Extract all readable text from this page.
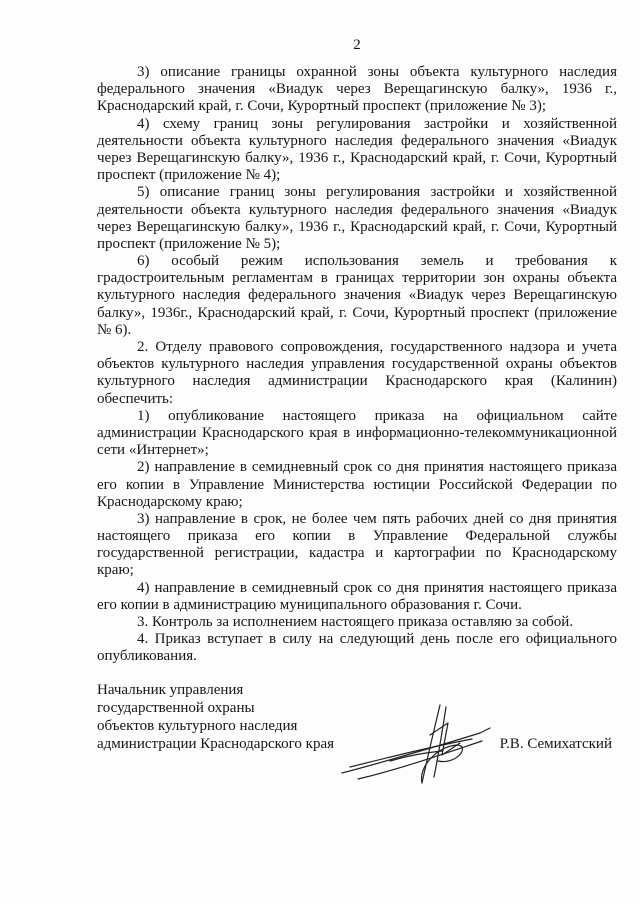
2
3) описание границы охранной зоны объекта культурного наследия
федерального значения «Виадук через Верещагинскую балку», 1936 г.,
Краснодарский край, г. Сочи, Курортный проспект (приложение № 3);
4) схему границ зоны регулирования застройки и хозяйственной
деятельности объекта культурного наследия федерального значения «Виадук
через Верещагинскую балку», 1936 г., Краснодарский край, г. Сочи, Курортный
проспект (приложение № 4);
5) описание границ зоны регулирования застройки и хозяйственной
деятельности объекта культурного наследия федерального значения «Виадук
через Верещагинскую балку», 1936 г., Краснодарский край, г. Сочи, Курортный
проспект (приложение № 5);
6) особый режим использования земель и требования к
градостроительным регламентам в границах территории зон охраны объекта
культурного наследия федерального значения «Виадук через Верещагинскую
балку», 1936г., Краснодарский край, г. Сочи, Курортный проспект (приложение
№ 6).
2. Отделу правового сопровождения, государственного надзора и учета
объектов культурного наследия управления государственной охраны объектов
культурного наследия администрации Краснодарского края (Калинин)
обеспечить:
1) опубликование настоящего приказа на официальном сайте
администрации Краснодарского края в информационно-телекоммуникационной
сети «Интернет»;
2) направление в семидневный срок со дня принятия настоящего приказа
его копии в Управление Министерства юстиции Российской Федерации по
Краснодарскому краю;
3) направление в срок, не более чем пять рабочих дней со дня принятия
настоящего приказа его копии в Управление Федеральной службы
государственной регистрации, кадастра и картографии по Краснодарскому
краю;
4) направление в семидневный срок со дня принятия настоящего приказа
его копии в администрацию муниципального образования г. Сочи.
3. Контроль за исполнением настоящего приказа оставляю за собой.
4. Приказ вступает в силу на следующий день после его официального
опубликования.
Начальник управления
государственной охраны
объектов культурного наследия
администрации Краснодарского края	Р.В. Семихатский
